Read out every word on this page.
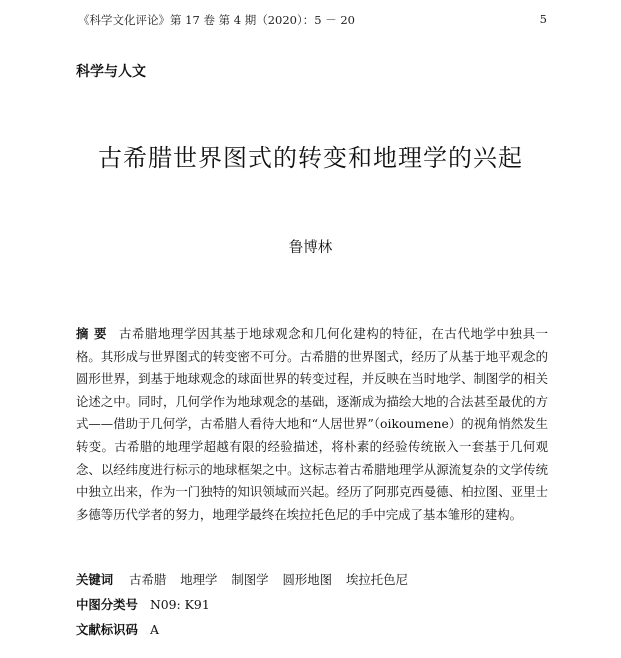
《科学文化评论》第 17 卷 第 4 期（2020）：5 － 20	5
科学与人文
古希腊世界图式的转变和地理学的兴起
鲁博林
摘 要 古希腊地理学因其基于地球观念和几何化建构的特征，在古代地学中独具一格。其形成与世界图式的转变密不可分。古希腊的世界图式，经历了从基于地平观念的圆形世界，到基于地球观念的球面世界的转变过程，并反映在当时地学、制图学的相关论述之中。同时，几何学作为地球观念的基础，逐渐成为描绘大地的合法甚至最优的方式——借助于几何学，古希腊人看待大地和“人居世界”（oikoumene）的视角悄然发生转变。古希腊的地理学超越有限的经验描述，将朴素的经验传统嵌入一套基于几何观念、以经纬度进行标示的地球框架之中。这标志着古希腊地理学从源流复杂的文学传统中独立出来，作为一门独特的知识领域而兴起。经历了阿那克西曼德、柏拉图、亚里士多德等历代学者的努力，地理学最终在埃拉托色尼的手中完成了基本雏形的建构。
关键词 古希腊 地理学 制图学 圆形地图 埃拉托色尼
中图分类号 N09: K91
文献标识码 A
